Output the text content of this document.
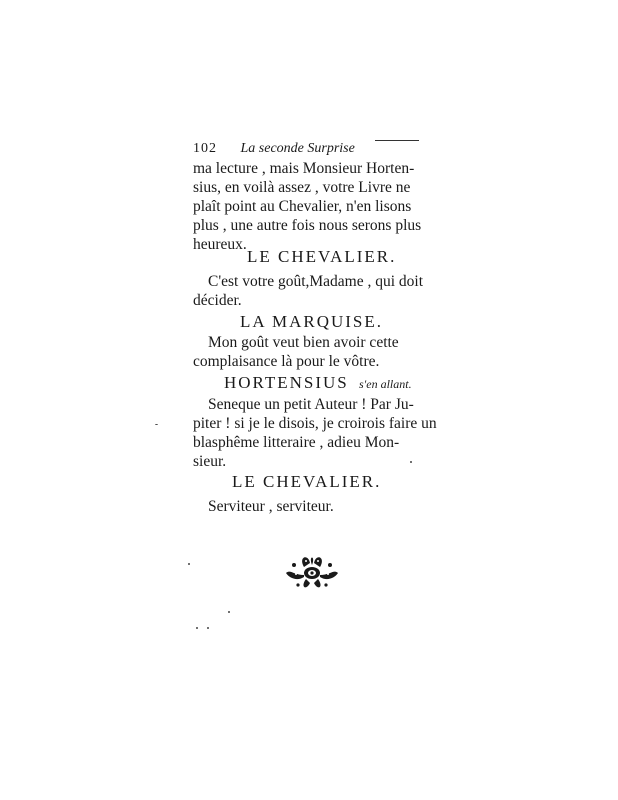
102 La seconde Surprise
ma lecture , mais Monsieur Horten-
sius, en voilà assez , votre Livre ne
plaît point au Chevalier, n'en lisons
plus , une autre fois nous serons plus
heureux.
LE CHEVALIER.
C'est votre goût,Madame , qui doit
décider.
LA MARQUISE.
Mon goût veut bien avoir cette
complaisance là pour le vôtre.
HORTENSIUS s'en allant.
Seneque un petit Auteur ! Par Ju-
piter ! si je le disois, je croirois faire un
blasphême litteraire , adieu Mon-
sieur.
LE CHEVALIER.
Serviteur , serviteur.
